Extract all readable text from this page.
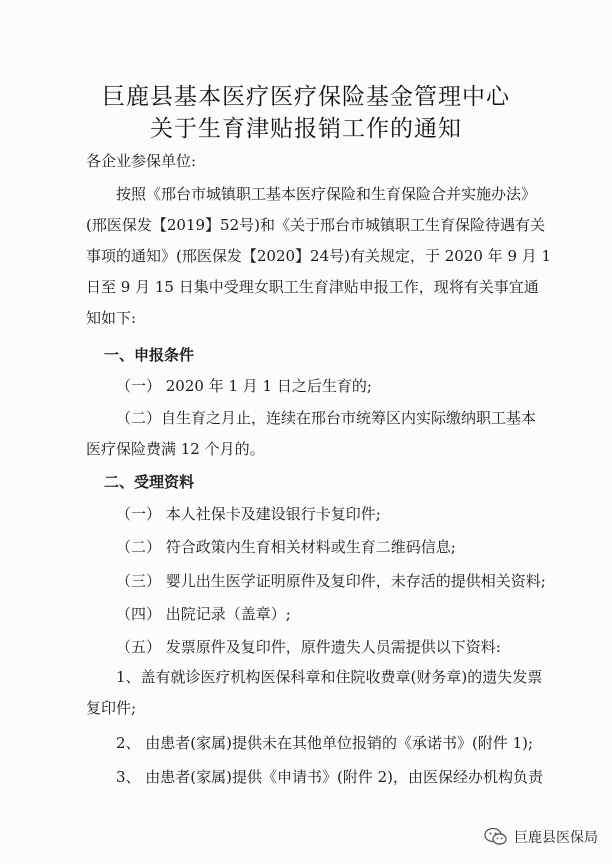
巨鹿县基本医疗医疗保险基金管理中心
关于生育津贴报销工作的通知
各企业参保单位:
按照《邢台市城镇职工基本医疗保险和生育保险合并实施办法》
(邢医保发【2019】52号)和《关于邢台市城镇职工生育保险待遇有关
事项的通知》(邢医保发【2020】24号)有关规定，于 2020 年 9 月 1
日至 9 月 15 日集中受理女职工生育津贴申报工作，现将有关事宜通
知如下:
一、申报条件
（一） 2020 年 1 月 1 日之后生育的;
（二）自生育之月止，连续在邢台市统筹区内实际缴纳职工基本
医疗保险费满 12 个月的。
二、受理资料
（一） 本人社保卡及建设银行卡复印件;
（二） 符合政策内生育相关材料或生育二维码信息;
（三） 婴儿出生医学证明原件及复印件，未存活的提供相关资料;
（四） 出院记录（盖章）;
（五） 发票原件及复印件，原件遗失人员需提供以下资料:
1、盖有就诊医疗机构医保科章和住院收费章(财务章)的遗失发票
复印件;
2、 由患者(家属)提供未在其他单位报销的《承诺书》(附件 1);
3、 由患者(家属)提供《申请书》(附件 2)，由医保经办机构负责
巨鹿县医保局
